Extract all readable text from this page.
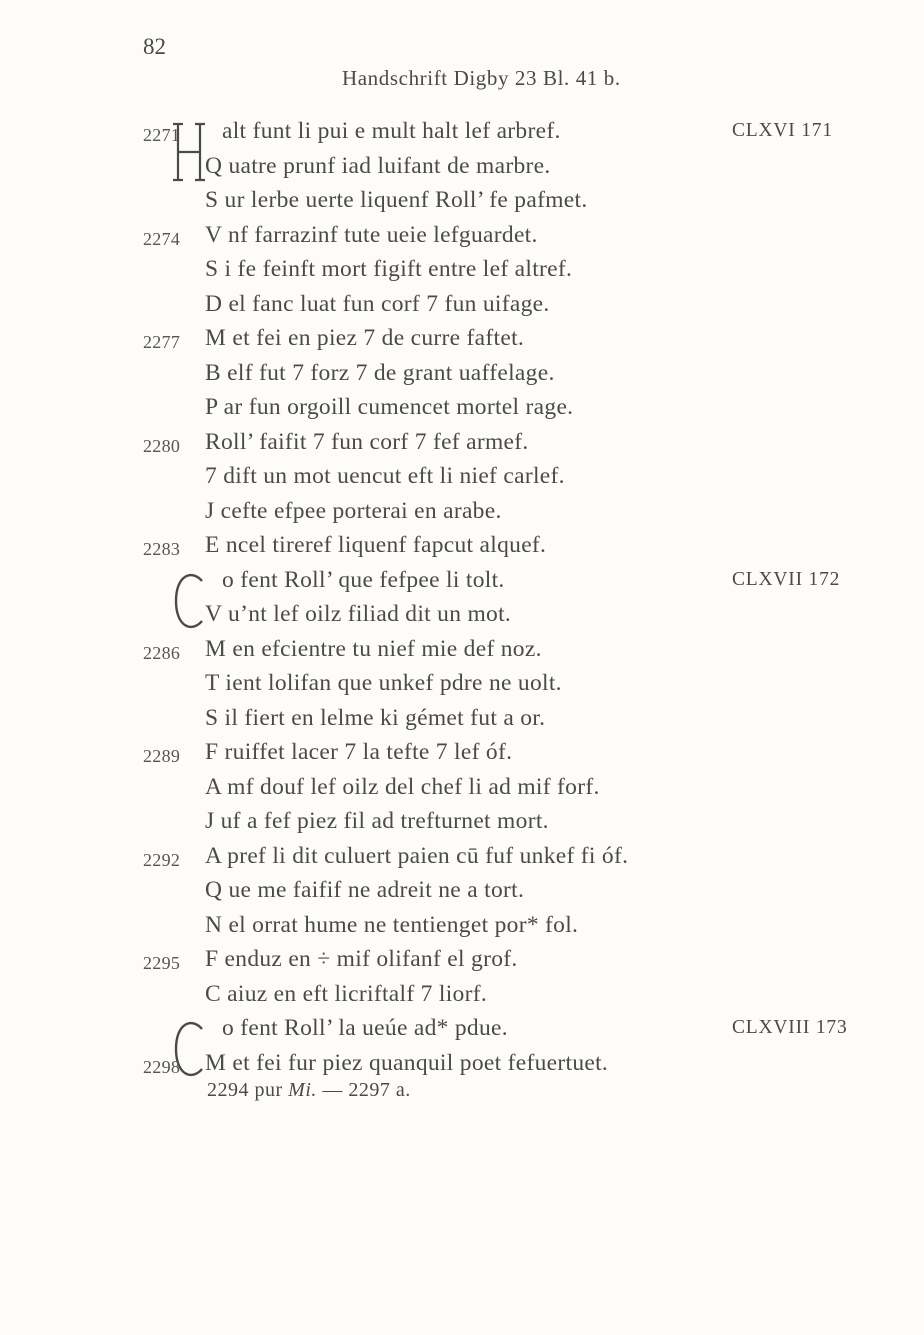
82
Handschrift Digby 23 Bl. 41 b.
2271 alt funt li pui e mult halt lef arbref.	CLXVI 171
Q uatre prunf iad luifant de marbre.
S ur lerbe uerte liquenf Roll’ fe pafmet.
2274 V nf farrazinf tute ueie lefguardet.
S i fe feinft mort figift entre lef altref.
D el fanc luat fun corf 7 fun uifage.
2277 M et fei en piez 7 de curre faftet.
B elf fut 7 forz 7 de grant uaffelage.
P ar fun orgoill cumencet mortel rage.
2280 Roll’ faifit 7 fun corf 7 fef armef.
7 dift un mot uencut eft li nief carlef.
J cefte efpee porterai en arabe.
2283 E ncel tireref liquenf fapcut alquef.
o fent Roll’ que fefpee li tolt.	CLXVII 172
V u’nt lef oilz filiad dit un mot.
2286 M en efcientre tu nief mie def noz.
T ient lolifan que unkef pdre ne uolt.
S il fiert en lelme ki gémet fut a or.
2289 F ruiffet lacer 7 la tefte 7 lef óf.
A mf douf lef oilz del chef li ad mif forf.
J uf a fef piez fil ad trefturnet mort.
2292 A pref li dit culuert paien cū fuf unkef fi óf.
Q ue me faifif ne adreit ne a tort.
N el orrat hume ne tentienget por* fol.
2295 F enduz en ÷ mif olifanf el grof.
C aiuz en eft licriftalf 7 liorf.
o fent Roll’ la ueúe ad* pdue.	CLXVIII 173
2298 M et fei fur piez quanquil poet fefuertuet.
2294 pur Mi. — 2297 a.
